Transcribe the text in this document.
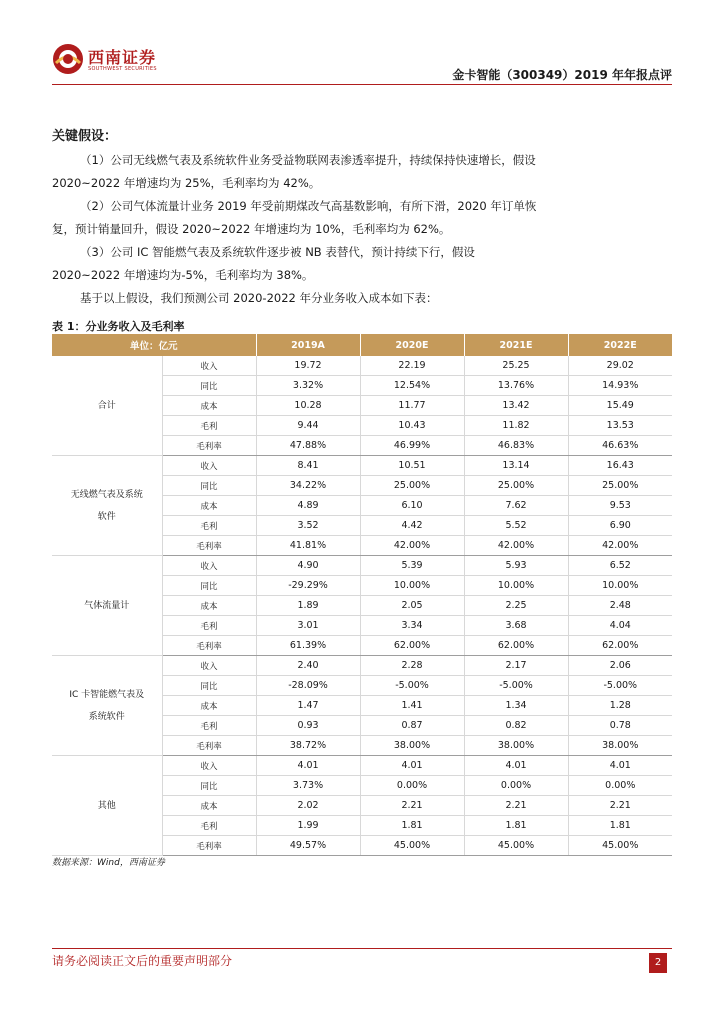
西南证券
SOUTHWEST SECURITIES	金卡智能（300349）2019 年年报点评
关键假设：

（1）公司无线燃气表及系统软件业务受益物联网表渗透率提升，持续保持快速增长，假设 2020~2022 年增速均为 25%，毛利率均为 42%。

（2）公司气体流量计业务 2019 年受前期煤改气高基数影响，有所下滑，2020 年订单恢复，预计销量回升，假设 2020~2022 年增速均为 10%，毛利率均为 62%。

（3）公司 IC 智能燃气表及系统软件逐步被 NB 表替代，预计持续下行，假设 2020~2022 年增速均为-5%，毛利率均为 38%。

基于以上假设，我们预测公司 2020-2022 年分业务收入成本如下表：

表 1：分业务收入及毛利率
单位：亿元		2019A	2020E	2021E	2022E
合计	收入	19.72	22.19	25.25	29.02
	同比	3.32%	12.54%	13.76%	14.93%
	成本	10.28	11.77	13.42	15.49
	毛利	9.44	10.43	11.82	13.53
	毛利率	47.88%	46.99%	46.83%	46.63%
无线燃气表及系统软件	收入	8.41	10.51	13.14	16.43
	同比	34.22%	25.00%	25.00%	25.00%
	成本	4.89	6.10	7.62	9.53
	毛利	3.52	4.42	5.52	6.90
	毛利率	41.81%	42.00%	42.00%	42.00%
气体流量计	收入	4.90	5.39	5.93	6.52
	同比	-29.29%	10.00%	10.00%	10.00%
	成本	1.89	2.05	2.25	2.48
	毛利	3.01	3.34	3.68	4.04
	毛利率	61.39%	62.00%	62.00%	62.00%
IC 卡智能燃气表及系统软件	收入	2.40	2.28	2.17	2.06
	同比	-28.09%	-5.00%	-5.00%	-5.00%
	成本	1.47	1.41	1.34	1.28
	毛利	0.93	0.87	0.82	0.78
	毛利率	38.72%	38.00%	38.00%	38.00%
其他	收入	4.01	4.01	4.01	4.01
	同比	3.73%	0.00%	0.00%	0.00%
	成本	2.02	2.21	2.21	2.21
	毛利	1.99	1.81	1.81	1.81
	毛利率	49.57%	45.00%	45.00%	45.00%
数据来源：Wind，西南证券
请务必阅读正文后的重要声明部分	2
